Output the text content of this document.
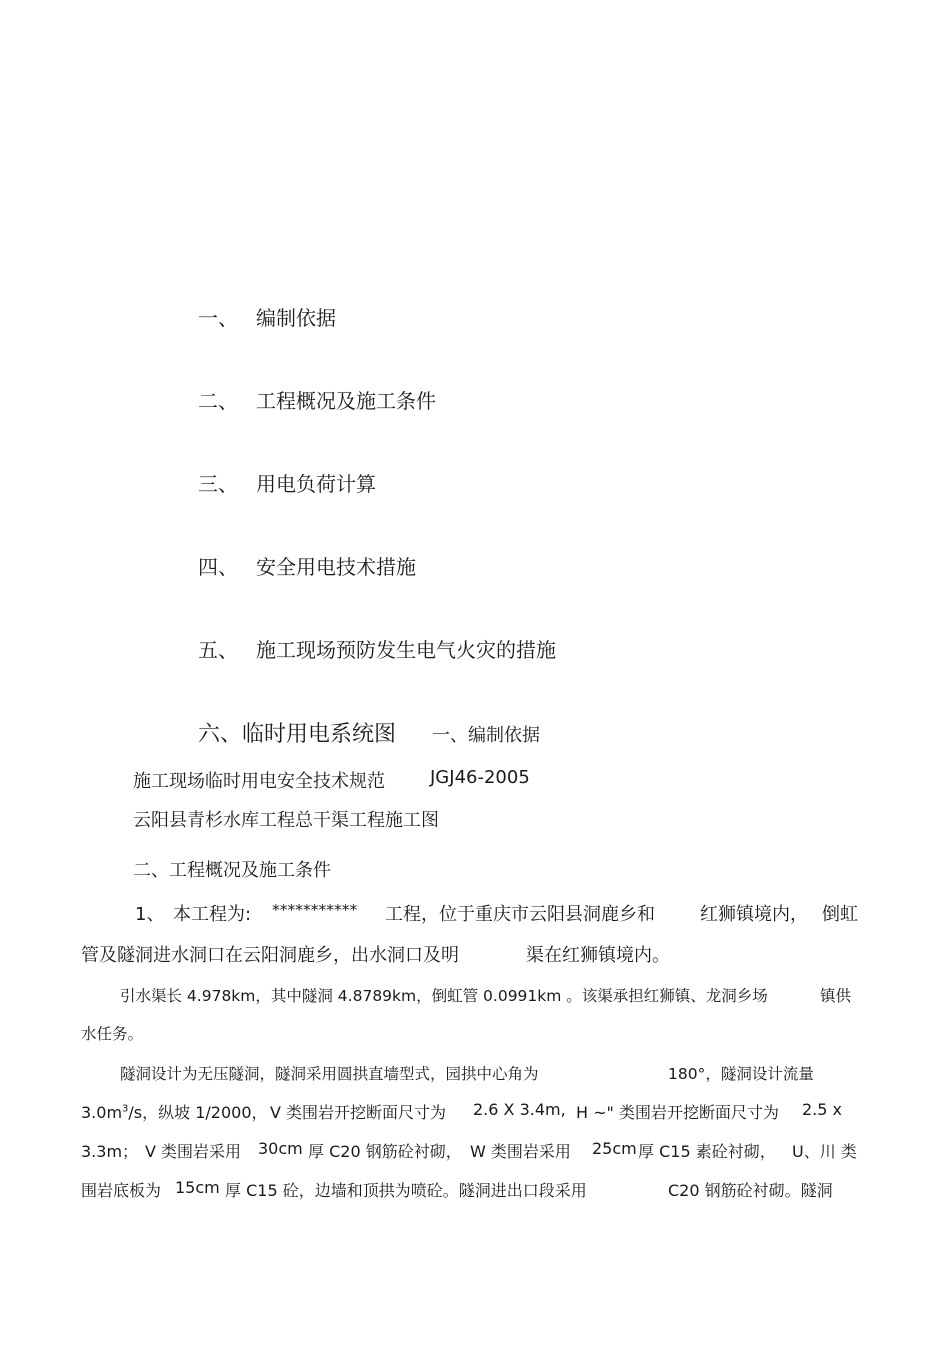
一、 编制依据
二、 工程概况及施工条件
三、 用电负荷计算
四、 安全用电技术措施
五、 施工现场预防发生电气火灾的措施
六、临时用电系统图 一、编制依据
施工现场临时用电安全技术规范	JGJ46-2005
云阳县青杉水库工程总干渠工程施工图
二、工程概况及施工条件
1、 本工程为: *********** 工程，位于重庆市云阳县洞鹿乡和	红狮镇境内， 倒虹
管及隧洞进水洞口在云阳洞鹿乡，出水洞口及明	渠在红狮镇境内。
引水渠长 4.978km，其中隧洞 4.8789km，倒虹管 0.0991km 。该渠承担红狮镇、龙洞乡场	镇供
水任务。
隧洞设计为无压隧洞，隧洞采用圆拱直墙型式，园拱中心角为	180°，隧洞设计流量
$3.0m^3/s$，纵坡 1/2000， V 类围岩开挖断面尺寸为 2.6 X 3.4m, H ~" 类围岩开挖断面尺寸为 2.5 x
3.3m； V 类围岩采用 30cm 厚 C20 钢筋砼衬砌， W 类围岩采用 25cm 厚 C15 素砼衬砌， U、川 类
围岩底板为 15cm 厚 C15 砼，边墙和顶拱为喷砼。隧洞进出口段采用	C20 钢筋砼衬砌。隧洞
